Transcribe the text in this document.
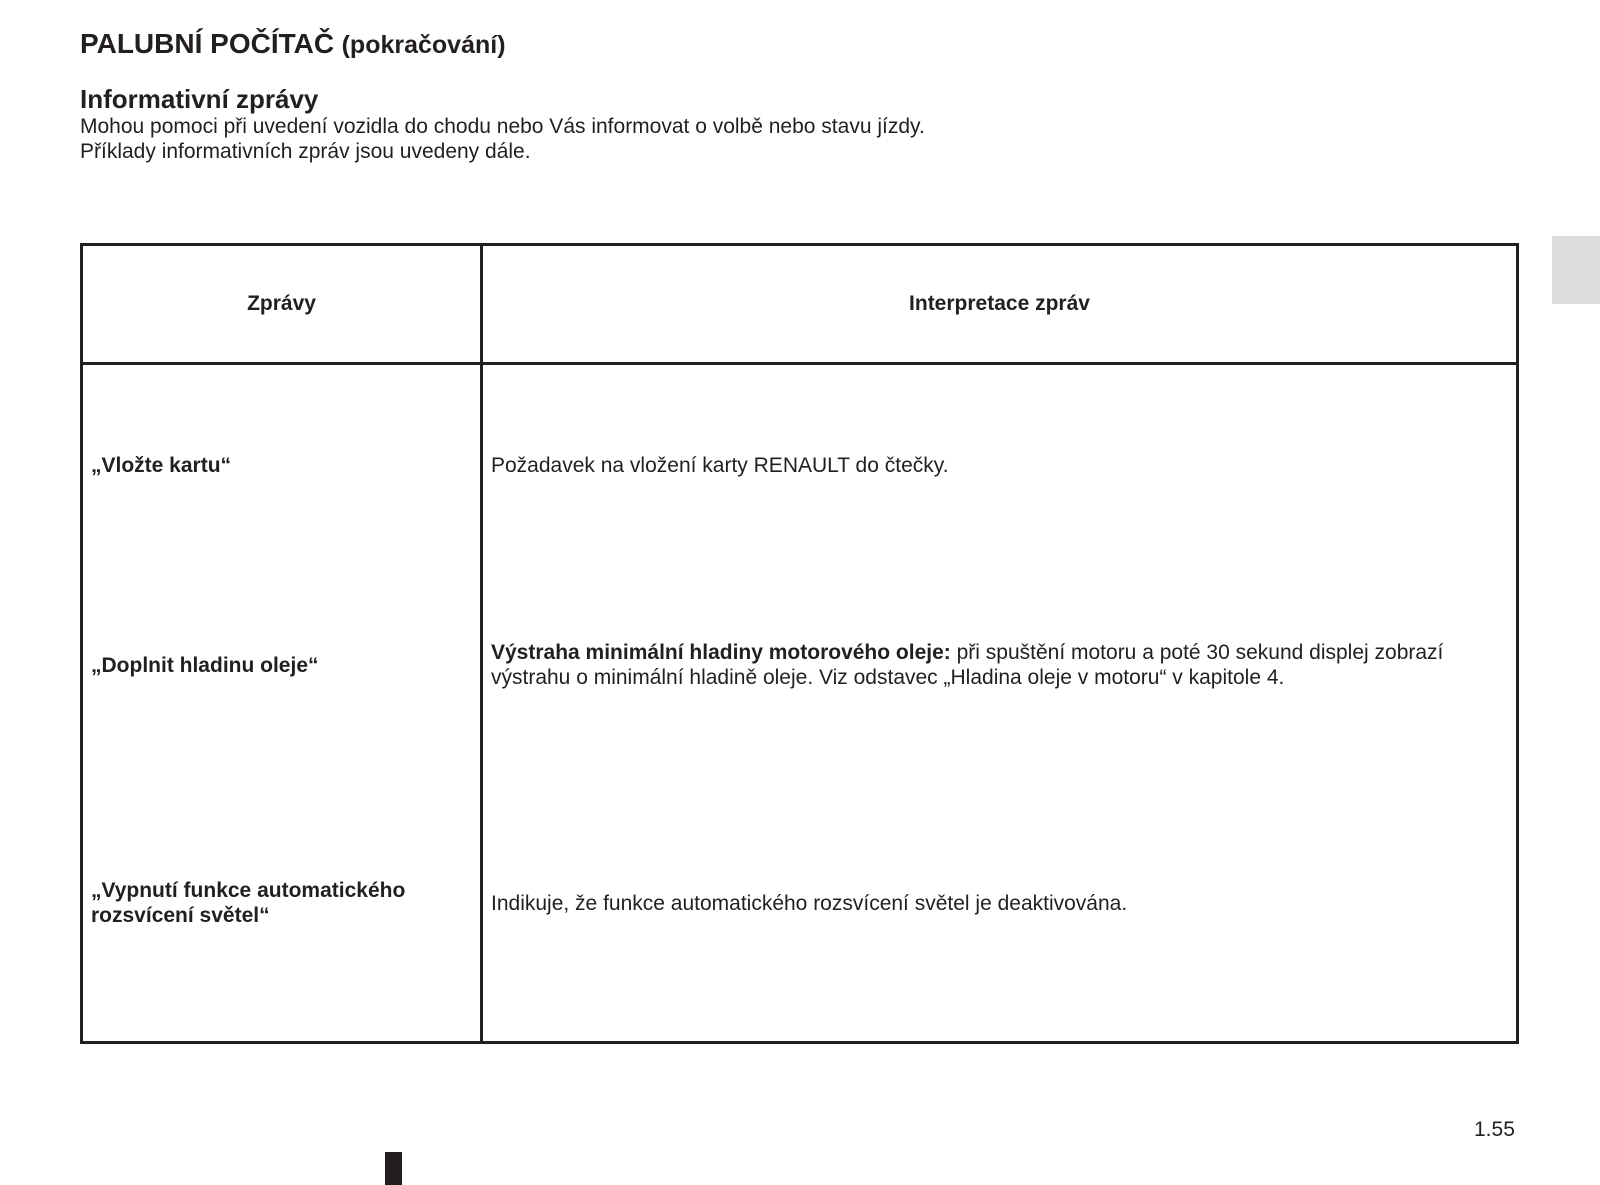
PALUBNÍ POČÍTAČ (pokračování)
Informativní zprávy
Mohou pomoci při uvedení vozidla do chodu nebo Vás informovat o volbě nebo stavu jízdy.
Příklady informativních zpráv jsou uvedeny dále.
Zprávy	Interpretace zpráv
„Vložte kartu“	Požadavek na vložení karty RENAULT do čtečky.
„Doplnit hladinu oleje“	Výstraha minimální hladiny motorového oleje: při spuštění motoru a poté 30 sekund displej zobrazí
výstrahu o minimální hladině oleje. Viz odstavec „Hladina oleje v motoru“ v kapitole 4.
„Vypnutí funkce automatického
rozsvícení světel“	Indikuje, že funkce automatického rozsvícení světel je deaktivována.
1.55
